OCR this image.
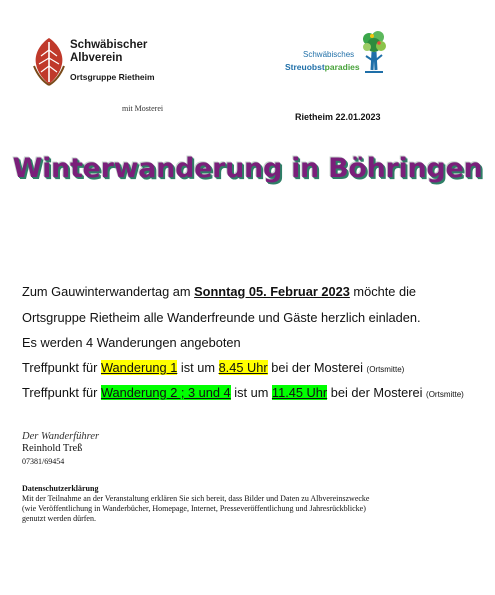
Schwäbischer
Albverein
Ortsgruppe Rietheim
mit Mosterei
Schwäbisches
Streuobstparadies
Rietheim 22.01.2023
Winterwanderung in Böhringen
Zum Gauwinterwandertag am Sonntag 05. Februar 2023 möchte die
Ortsgruppe Rietheim alle Wanderfreunde und Gäste herzlich einladen.
Es werden 4 Wanderungen angeboten
Treffpunkt für Wanderung 1 ist um 8.45 Uhr bei der Mosterei (Ortsmitte)
Treffpunkt für Wanderung 2 ; 3 und 4 ist um 11.45 Uhr bei der Mosterei (Ortsmitte)
Der Wanderführer
Reinhold Treß
07381/69454
Datenschutzerklärung
Mit der Teilnahme an der Veranstaltung erklären Sie sich bereit, dass Bilder und Daten zu Albvereinszwecke
(wie Veröffentlichung in Wanderbücher, Homepage, Internet, Presseveröffentlichung und Jahresrückblicke)
genutzt werden dürfen.
